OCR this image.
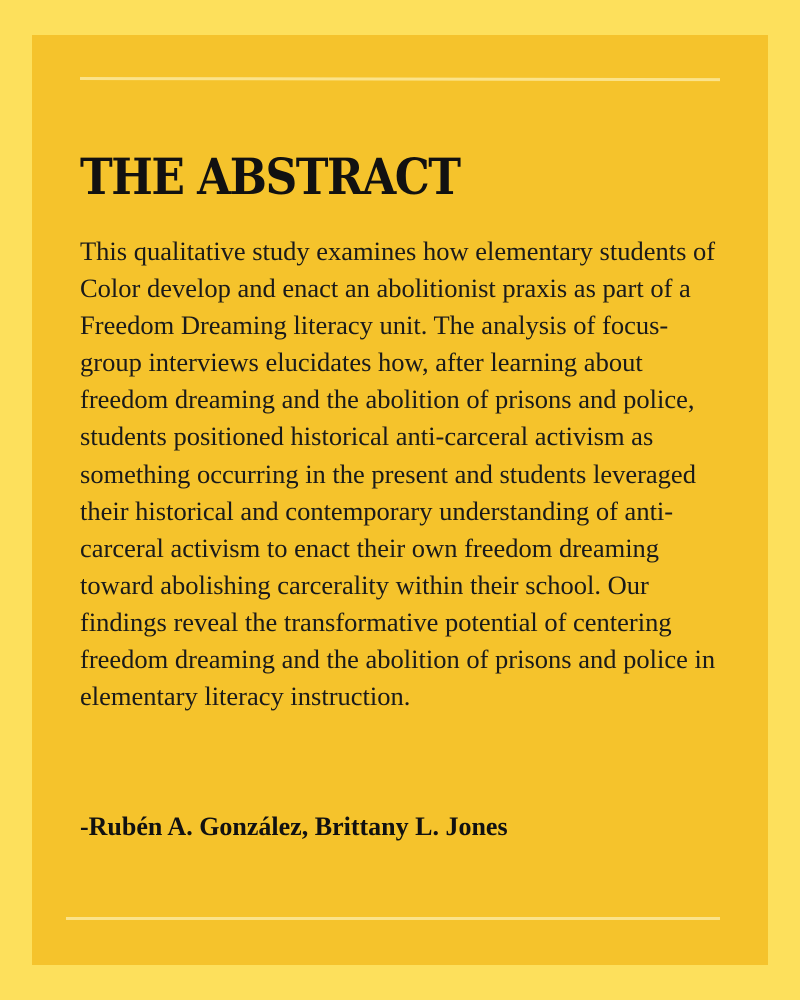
THE ABSTRACT

This qualitative study examines how elementary students of Color develop and enact an abolitionist praxis as part of a Freedom Dreaming literacy unit. The analysis of focus-group interviews elucidates how, after learning about freedom dreaming and the abolition of prisons and police, students positioned historical anti-carceral activism as something occurring in the present and students leveraged their historical and contemporary understanding of anti-carceral activism to enact their own freedom dreaming toward abolishing carcerality within their school. Our findings reveal the transformative potential of centering freedom dreaming and the abolition of prisons and police in elementary literacy instruction.

-Rubén A. González, Brittany L. Jones
